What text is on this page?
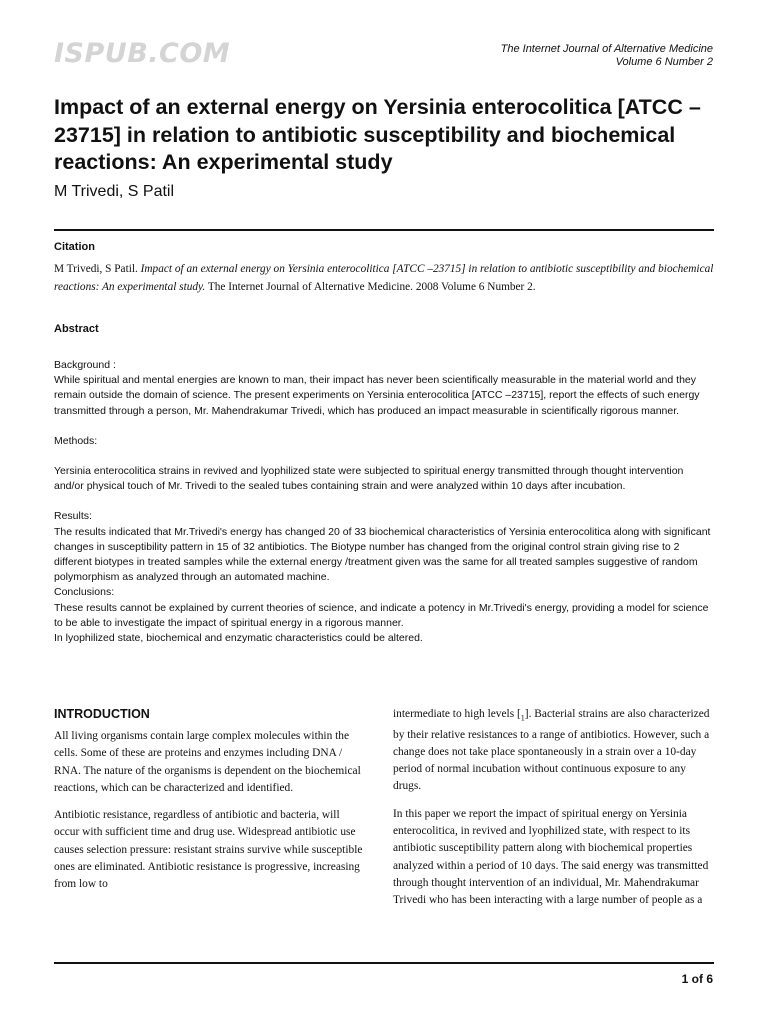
ISPUB.COM	The Internet Journal of Alternative Medicine
Volume 6 Number 2
Impact of an external energy on Yersinia enterocolitica [ATCC –23715] in relation to antibiotic susceptibility and biochemical reactions: An experimental study
M Trivedi, S Patil
Citation
M Trivedi, S Patil. Impact of an external energy on Yersinia enterocolitica [ATCC –23715] in relation to antibiotic susceptibility and biochemical reactions: An experimental study. The Internet Journal of Alternative Medicine. 2008 Volume 6 Number 2.
Abstract

Background :

While spiritual and mental energies are known to man, their impact has never been scientifically measurable in the material world and they remain outside the domain of science. The present experiments on Yersinia enterocolitica [ATCC –23715], report the effects of such energy transmitted through a person, Mr. Mahendrakumar Trivedi, which has produced an impact measurable in scientifically rigorous manner.

Methods:

Yersinia enterocolitica strains in revived and lyophilized state were subjected to spiritual energy transmitted through thought intervention and/or physical touch of Mr. Trivedi to the sealed tubes containing strain and were analyzed within 10 days after incubation.

Results:

The results indicated that Mr.Trivedi's energy has changed 20 of 33 biochemical characteristics of Yersinia enterocolitica along with significant changes in susceptibility pattern in 15 of 32 antibiotics. The Biotype number has changed from the original control strain giving rise to 2 different biotypes in treated samples while the external energy /treatment given was the same for all treated samples suggestive of random polymorphism as analyzed through an automated machine.

Conclusions:

These results cannot be explained by current theories of science, and indicate a potency in Mr.Trivedi's energy, providing a model for science to be able to investigate the impact of spiritual energy in a rigorous manner.

In lyophilized state, biochemical and enzymatic characteristics could be altered.

INTRODUCTION

All living organisms contain large complex molecules within the cells. Some of these are proteins and enzymes including DNA / RNA. The nature of the organisms is dependent on the biochemical reactions, which can be characterized and identified.

Antibiotic resistance, regardless of antibiotic and bacteria, will occur with sufficient time and drug use. Widespread antibiotic use causes selection pressure: resistant strains survive while susceptible ones are eliminated. Antibiotic resistance is progressive, increasing from low to

intermediate to high levels $[_1]$. Bacterial strains are also characterized by their relative resistances to a range of antibiotics. However, such a change does not take place spontaneously in a strain over a 10-day period of normal incubation without continuous exposure to any drugs.

In this paper we report the impact of spiritual energy on Yersinia enterocolitica, in revived and lyophilized state, with respect to its antibiotic susceptibility pattern along with biochemical properties analyzed within a period of 10 days. The said energy was transmitted through thought intervention of an individual, Mr. Mahendrakumar Trivedi who has been interacting with a large number of people as a

1 of 6
